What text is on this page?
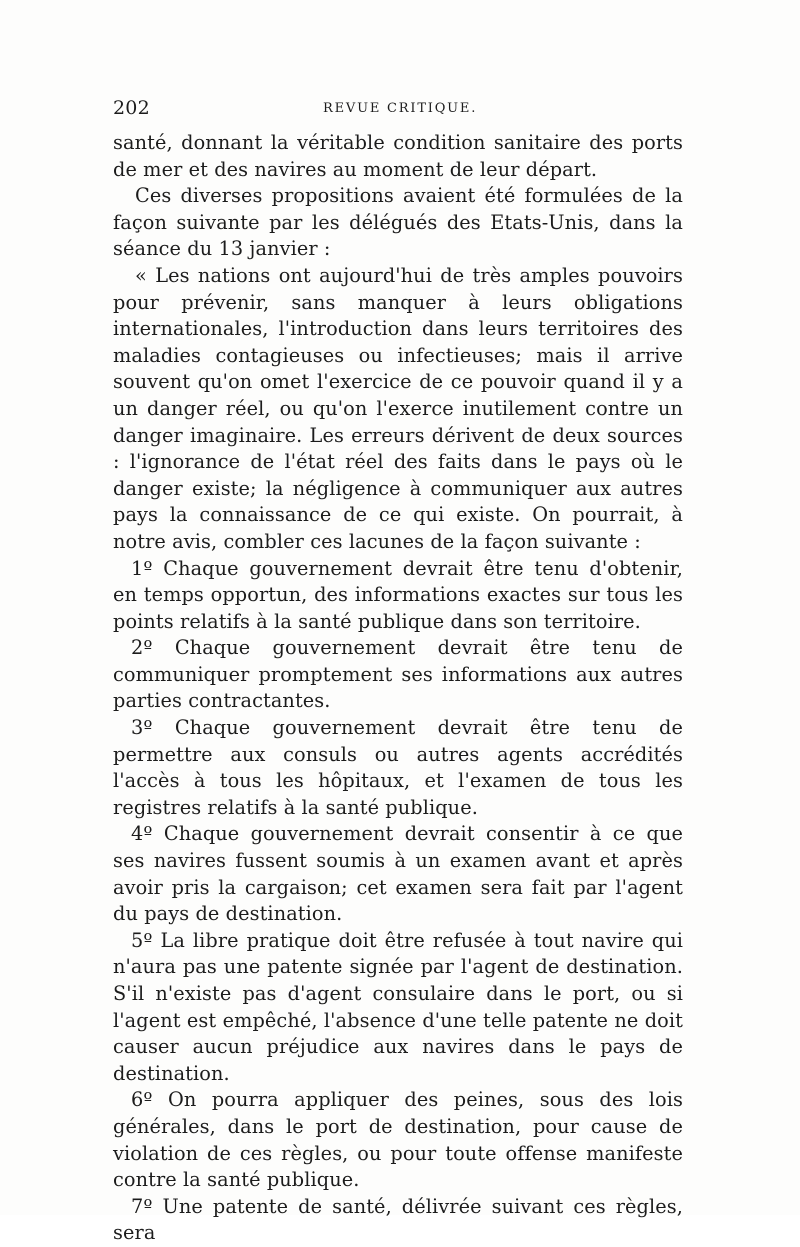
202	REVUE CRITIQUE.

santé, donnant la véritable condition sanitaire des ports de mer et des navires au moment de leur départ.

Ces diverses propositions avaient été formulées de la façon suivante par les délégués des Etats-Unis, dans la séance du 13 janvier :

« Les nations ont aujourd'hui de très amples pouvoirs pour prévenir, sans manquer à leurs obligations internationales, l'introduction dans leurs territoires des maladies contagieuses ou infectieuses; mais il arrive souvent qu'on omet l'exercice de ce pouvoir quand il y a un danger réel, ou qu'on l'exerce inutilement contre un danger imaginaire. Les erreurs dérivent de deux sources : l'ignorance de l'état réel des faits dans le pays où le danger existe; la négligence à communiquer aux autres pays la connaissance de ce qui existe. On pourrait, à notre avis, combler ces lacunes de la façon suivante :

1º Chaque gouvernement devrait être tenu d'obtenir, en temps opportun, des informations exactes sur tous les points relatifs à la santé publique dans son territoire.

2º Chaque gouvernement devrait être tenu de communiquer promptement ses informations aux autres parties contractantes.

3º Chaque gouvernement devrait être tenu de permettre aux consuls ou autres agents accrédités l'accès à tous les hôpitaux, et l'examen de tous les registres relatifs à la santé publique.

4º Chaque gouvernement devrait consentir à ce que ses navires fussent soumis à un examen avant et après avoir pris la cargaison; cet examen sera fait par l'agent du pays de destination.

5º La libre pratique doit être refusée à tout navire qui n'aura pas une patente signée par l'agent de destination. S'il n'existe pas d'agent consulaire dans le port, ou si l'agent est empêché, l'absence d'une telle patente ne doit causer aucun préjudice aux navires dans le pays de destination.

6º On pourra appliquer des peines, sous des lois générales, dans le port de destination, pour cause de violation de ces règles, ou pour toute offense manifeste contre la santé publique.

7º Une patente de santé, délivrée suivant ces règles, sera
